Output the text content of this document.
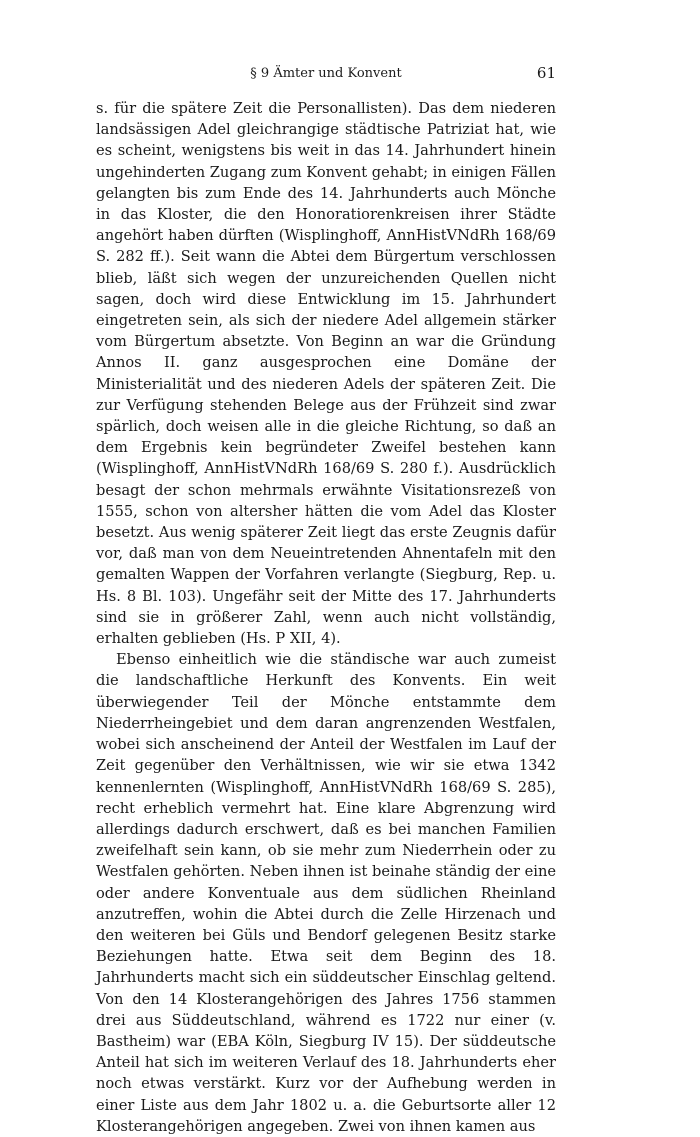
§ 9 Ämter und Konvent	61

s. für die spätere Zeit die Personallisten). Das dem niederen landsässigen Adel gleichrangige städtische Patriziat hat, wie es scheint, wenigstens bis weit in das 14. Jahrhundert hinein ungehinderten Zugang zum Konvent gehabt; in einigen Fällen gelangten bis zum Ende des 14. Jahrhunderts auch Mönche in das Kloster, die den Honoratiorenkreisen ihrer Städte angehört haben dürften (Wisplinghoff, AnnHistVNdRh 168/69 S. 282 ff.). Seit wann die Abtei dem Bürgertum verschlossen blieb, läßt sich wegen der unzureichenden Quellen nicht sagen, doch wird diese Entwicklung im 15. Jahrhundert eingetreten sein, als sich der niedere Adel allgemein stärker vom Bürgertum absetzte. Von Beginn an war die Gründung Annos II. ganz ausgesprochen eine Domäne der Ministerialität und des niederen Adels der späteren Zeit. Die zur Verfügung stehenden Belege aus der Frühzeit sind zwar spärlich, doch weisen alle in die gleiche Richtung, so daß an dem Ergebnis kein begründeter Zweifel bestehen kann (Wisplinghoff, AnnHistVNdRh 168/69 S. 280 f.). Ausdrücklich besagt der schon mehrmals erwähnte Visitationsrezeß von 1555, schon von altersher hätten die vom Adel das Kloster besetzt. Aus wenig späterer Zeit liegt das erste Zeugnis dafür vor, daß man von dem Neueintretenden Ahnentafeln mit den gemalten Wappen der Vorfahren verlangte (Siegburg, Rep. u. Hs. 8 Bl. 103). Ungefähr seit der Mitte des 17. Jahrhunderts sind sie in größerer Zahl, wenn auch nicht vollständig, erhalten geblieben (Hs. P XII, 4).

Ebenso einheitlich wie die ständische war auch zumeist die landschaftliche Herkunft des Konvents. Ein weit überwiegender Teil der Mönche entstammte dem Niederrheingebiet und dem daran angrenzenden Westfalen, wobei sich anscheinend der Anteil der Westfalen im Lauf der Zeit gegenüber den Verhältnissen, wie wir sie etwa 1342 kennenlernten (Wisplinghoff, AnnHistVNdRh 168/69 S. 285), recht erheblich vermehrt hat. Eine klare Abgrenzung wird allerdings dadurch erschwert, daß es bei manchen Familien zweifelhaft sein kann, ob sie mehr zum Niederrhein oder zu Westfalen gehörten. Neben ihnen ist beinahe ständig der eine oder andere Konventuale aus dem südlichen Rheinland anzutreffen, wohin die Abtei durch die Zelle Hirzenach und den weiteren bei Güls und Bendorf gelegenen Besitz starke Beziehungen hatte. Etwa seit dem Beginn des 18. Jahrhunderts macht sich ein süddeutscher Einschlag geltend. Von den 14 Klosterangehörigen des Jahres 1756 stammen drei aus Süddeutschland, während es 1722 nur einer (v. Bastheim) war (EBA Köln, Siegburg IV 15). Der süddeutsche Anteil hat sich im weiteren Verlauf des 18. Jahrhunderts eher noch etwas verstärkt. Kurz vor der Aufhebung werden in einer Liste aus dem Jahr 1802 u. a. die Geburtsorte aller 12 Klosterangehörigen angegeben. Zwei von ihnen kamen aus
